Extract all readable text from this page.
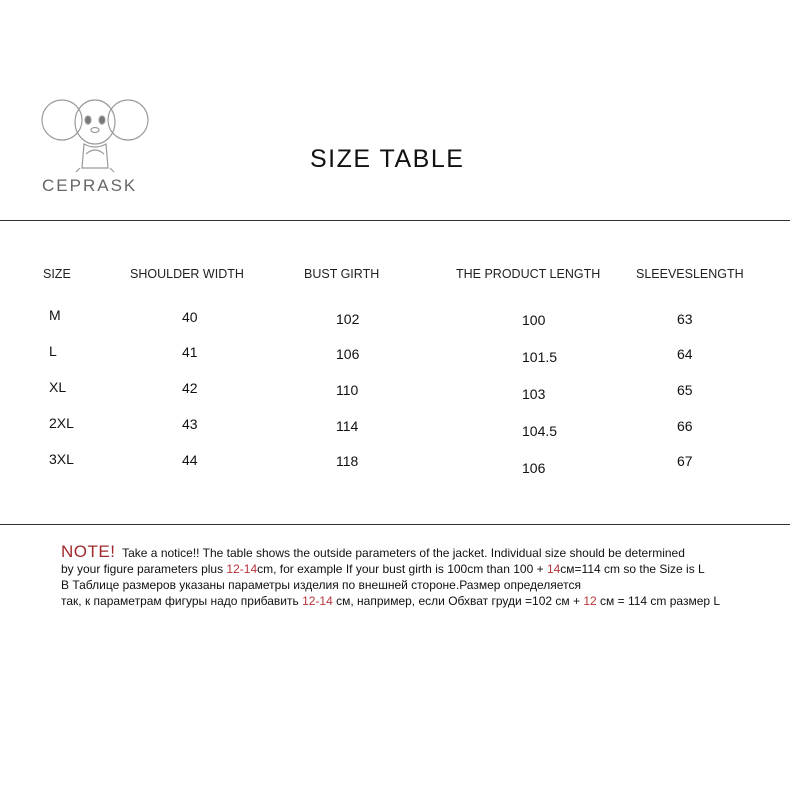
CEPRASK
SIZE TABLE
SIZE	SHOULDER WIDTH	BUST GIRTH	THE PRODUCT LENGTH	SLEEVESLENGTH
M	40	102	100	63
L	41	106	101.5	64
XL	42	110	103	65
2XL	43	114	104.5	66
3XL	44	118	106	67
NOTE! Take a notice!! The table shows the outside parameters of the jacket. Individual size should be determined
by your figure parameters plus 12-14cm, for example If your bust girth is 100cm than 100 + 14см=114 cm so the Size is L
В Таблице размеров указаны параметры изделия по внешней стороне.Размер определяется
так, к параметрам фигуры надо прибавить 12-14 см, например, если Обхват груди =102 см + 12 см = 114 cm размер L
